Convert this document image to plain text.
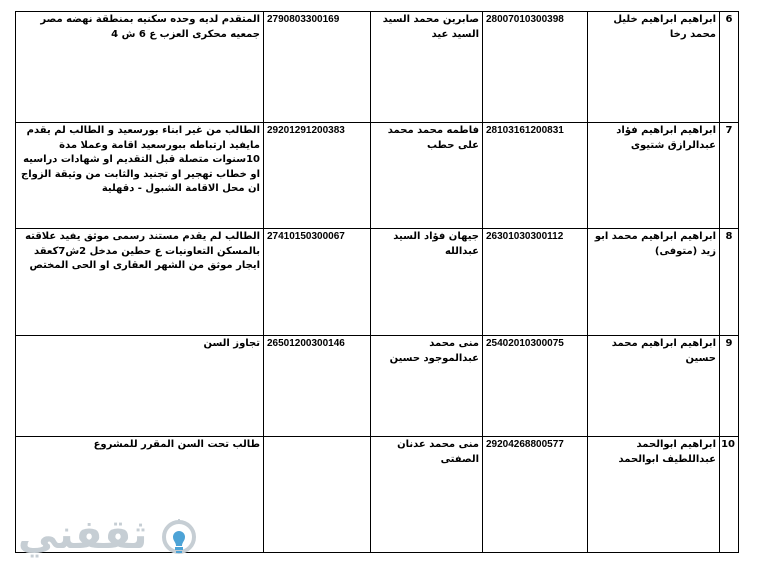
6	ابراهيم ابراهيم خليل محمد رخا	28007010300398	صابرين محمد السيد السيد عيد	2790803300169	المتقدم لديه وحده سكنيه بمنطقة نهضه مصر جمعيه محكرى العزب ع 6 ش 4
7	ابراهيم ابراهيم فؤاد عبدالرازق شتيوى	28103161200831	فاطمه محمد محمد على حطب	29201291200383	الطالب من غير ابناء بورسعيد و الطالب لم يقدم مايفيد ارتباطه ببورسعيد اقامة وعملا مدة 10سنوات متصلة قبل التقديم او شهادات دراسيه او خطاب تهجير او تجنيد والثابت من وثيقة الزواج ان محل الاقامة الشبول - دقهلية
8	ابراهيم ابراهيم محمد ابو زيد (متوفى)	26301030300112	جيهان فؤاد السيد عبدالله	27410150300067	الطالب لم يقدم مستند رسمى موثق يفيد علاقته بالمسكن التعاونيات ع حطين مدخل 2ش7كعقد ايجار موثق من الشهر العقارى او الحى المختص
9	ابراهيم ابراهيم محمد حسين	25402010300075	منى محمد عبدالموجود حسين	26501200300146	تجاوز السن
10	ابراهيم ابوالحمد عبداللطيف ابوالحمد	29204268800577	منى محمد عدنان الصفتى		طالب تحت السن المقرر للمشروع
ثقفني
